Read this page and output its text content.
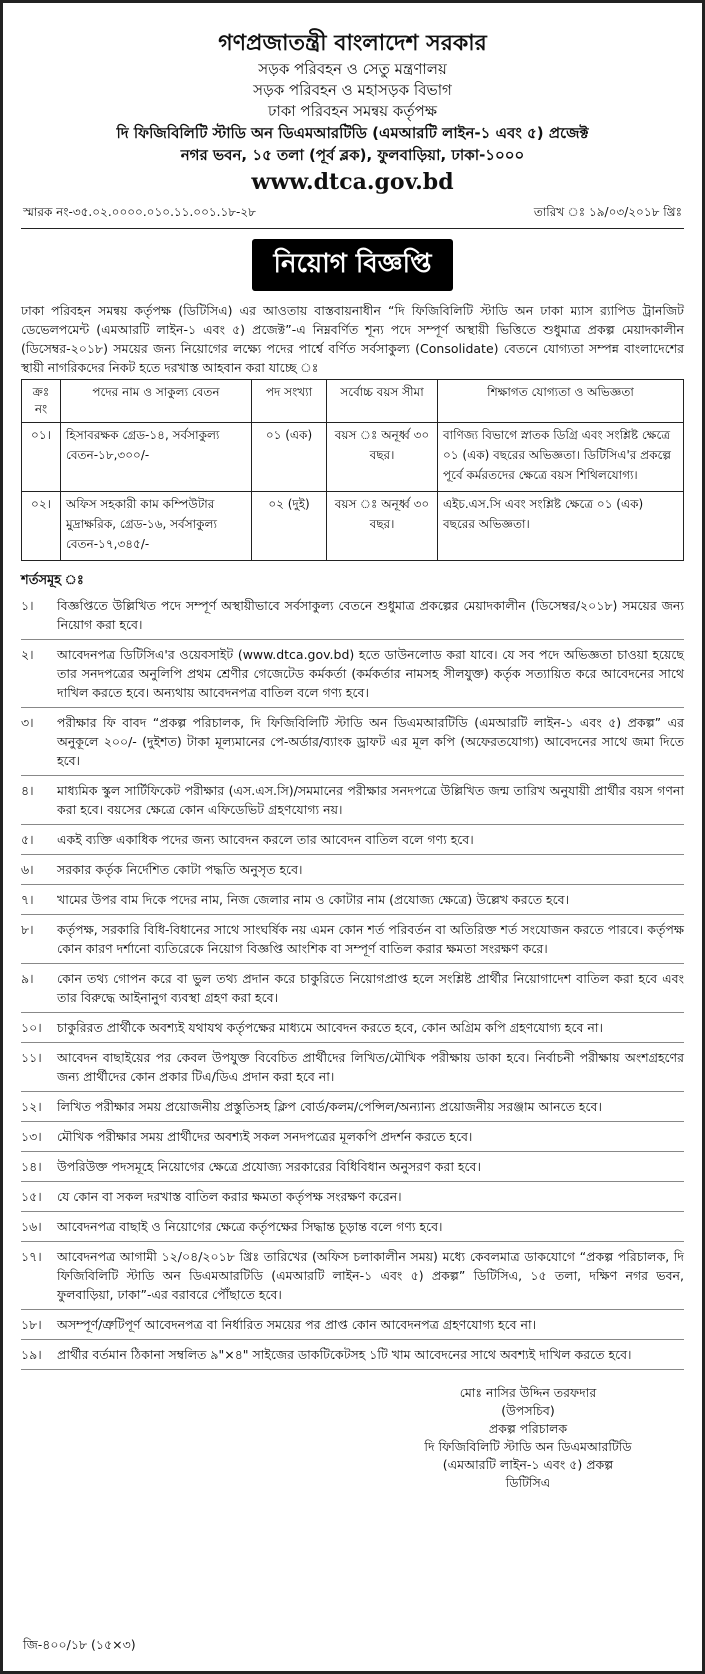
গণপ্রজাতন্ত্রী বাংলাদেশ সরকার
সড়ক পরিবহন ও সেতু মন্ত্রণালয়
সড়ক পরিবহন ও মহাসড়ক বিভাগ
ঢাকা পরিবহন সমন্বয় কর্তৃপক্ষ
দি ফিজিবিলিটি স্টাডি অন ডিএমআরটিডি (এমআরটি লাইন-১ এবং ৫) প্রজেক্ট
নগর ভবন, ১৫ তলা (পূর্ব ব্লক), ফুলবাড়িয়া, ঢাকা-১০০০
www.dtca.gov.bd
স্মারক নং-৩৫.০২.০০০০.০১০.১১.০০১.১৮-২৮	তারিখ ঃ ১৯/০৩/২০১৮ খ্রিঃ
নিয়োগ বিজ্ঞপ্তি
ঢাকা পরিবহন সমন্বয় কর্তৃপক্ষ (ডিটিসিএ) এর আওতায় বাস্তবায়নাধীন “দি ফিজিবিলিটি স্টাডি অন ঢাকা ম্যাস র‍্যাপিড ট্রানজিট ডেভেলপমেন্ট (এমআরটি লাইন-১ এবং ৫) প্রজেক্ট”-এ নিম্নবর্ণিত শূন্য পদে সম্পূর্ণ অস্থায়ী ভিত্তিতে শুধুমাত্র প্রকল্প মেয়াদকালীন (ডিসেম্বর-২০১৮) সময়ের জন্য নিয়োগের লক্ষ্যে পদের পার্শ্বে বর্ণিত সর্বসাকুল্য (Consolidate) বেতনে যোগ্যতা সম্পন্ন বাংলাদেশের স্থায়ী নাগরিকদের নিকট হতে দরখাস্ত আহবান করা যাচ্ছে ঃ
ক্রঃ নং	পদের নাম ও সাকুল্য বেতন	পদ সংখ্যা	সর্বোচ্চ বয়স সীমা	শিক্ষাগত যোগ্যতা ও অভিজ্ঞতা
০১।	হিসাবরক্ষক গ্রেড-১৪, সর্বসাকুল্য বেতন-১৮,৩০০/-	০১ (এক)	বয়স ঃ অনূর্ধ্ব ৩০ বছর।	বাণিজ্য বিভাগে স্নাতক ডিগ্রি এবং সংশ্লিষ্ট ক্ষেত্রে ০১ (এক) বছরের অভিজ্ঞতা। ডিটিসিএ'র প্রকল্পে পূর্বে কর্মরতদের ক্ষেত্রে বয়স শিথিলযোগ্য।
০২।	অফিস সহকারী কাম কম্পিউটার মুদ্রাক্ষরিক, গ্রেড-১৬, সর্বসাকুল্য বেতন-১৭,৩৪৫/-	০২ (দুই)	বয়স ঃ অনূর্ধ্ব ৩০ বছর।	এইচ.এস.সি এবং সংশ্লিষ্ট ক্ষেত্রে ০১ (এক) বছরের অভিজ্ঞতা।
শর্তসমূহ ঃ
১।	বিজ্ঞপ্তিতে উল্লিখিত পদে সম্পূর্ণ অস্থায়ীভাবে সর্বসাকুল্য বেতনে শুধুমাত্র প্রকল্পের মেয়াদকালীন (ডিসেম্বর/২০১৮) সময়ের জন্য নিয়োগ করা হবে।
২।	আবেদনপত্র ডিটিসিএ'র ওয়েবসাইট (www.dtca.gov.bd) হতে ডাউনলোড করা যাবে। যে সব পদে অভিজ্ঞতা চাওয়া হয়েছে তার সনদপত্রের অনুলিপি প্রথম শ্রেণীর গেজেটেড কর্মকর্তা (কর্মকর্তার নামসহ সীলযুক্ত) কর্তৃক সত্যায়িত করে আবেদনের সাথে দাখিল করতে হবে। অন্যথায় আবেদনপত্র বাতিল বলে গণ্য হবে।
৩।	পরীক্ষার ফি বাবদ “প্রকল্প পরিচালক, দি ফিজিবিলিটি স্টাডি অন ডিএমআরটিডি (এমআরটি লাইন-১ এবং ৫) প্রকল্প” এর অনুকূলে ২০০/- (দুইশত) টাকা মূল্যমানের পে-অর্ডার/ব্যাংক ড্রাফট এর মূল কপি (অফেরতযোগ্য) আবেদনের সাথে জমা দিতে হবে।
৪।	মাধ্যমিক স্কুল সার্টিফিকেট পরীক্ষার (এস.এস.সি)/সমমানের পরীক্ষার সনদপত্রে উল্লিখিত জন্ম তারিখ অনুযায়ী প্রার্থীর বয়স গণনা করা হবে। বয়সের ক্ষেত্রে কোন এফিডেভিট গ্রহণযোগ্য নয়।
৫।	একই ব্যক্তি একাধিক পদের জন্য আবেদন করলে তার আবেদন বাতিল বলে গণ্য হবে।
৬।	সরকার কর্তৃক নির্দেশিত কোটা পদ্ধতি অনুসৃত হবে।
৭।	খামের উপর বাম দিকে পদের নাম, নিজ জেলার নাম ও কোটার নাম (প্রযোজ্য ক্ষেত্রে) উল্লেখ করতে হবে।
৮।	কর্তৃপক্ষ, সরকারি বিধি-বিধানের সাথে সাংঘর্ষিক নয় এমন কোন শর্ত পরিবর্তন বা অতিরিক্ত শর্ত সংযোজন করতে পারবে। কর্তৃপক্ষ কোন কারণ দর্শানো ব্যতিরেকে নিয়োগ বিজ্ঞপ্তি আংশিক বা সম্পূর্ণ বাতিল করার ক্ষমতা সংরক্ষণ করে।
৯।	কোন তথ্য গোপন করে বা ভুল তথ্য প্রদান করে চাকুরিতে নিয়োগপ্রাপ্ত হলে সংশ্লিষ্ট প্রার্থীর নিয়োগাদেশ বাতিল করা হবে এবং তার বিরুদ্ধে আইনানুগ ব্যবস্থা গ্রহণ করা হবে।
১০।	চাকুরিরত প্রার্থীকে অবশ্যই যথাযথ কর্তৃপক্ষের মাধ্যমে আবেদন করতে হবে, কোন অগ্রিম কপি গ্রহণযোগ্য হবে না।
১১।	আবেদন বাছাইয়ের পর কেবল উপযুক্ত বিবেচিত প্রার্থীদের লিখিত/মৌখিক পরীক্ষায় ডাকা হবে। নির্বাচনী পরীক্ষায় অংশগ্রহণের জন্য প্রার্থীদের কোন প্রকার টিএ/ডিএ প্রদান করা হবে না।
১২।	লিখিত পরীক্ষার সময় প্রয়োজনীয় প্রস্তুতিসহ ক্লিপ বোর্ড/কলম/পেন্সিল/অন্যান্য প্রয়োজনীয় সরঞ্জাম আনতে হবে।
১৩।	মৌখিক পরীক্ষার সময় প্রার্থীদের অবশ্যই সকল সনদপত্রের মূলকপি প্রদর্শন করতে হবে।
১৪।	উপরিউক্ত পদসমূহে নিয়োগের ক্ষেত্রে প্রযোজ্য সরকারের বিধিবিধান অনুসরণ করা হবে।
১৫।	যে কোন বা সকল দরখাস্ত বাতিল করার ক্ষমতা কর্তৃপক্ষ সংরক্ষণ করেন।
১৬।	আবেদনপত্র বাছাই ও নিয়োগের ক্ষেত্রে কর্তৃপক্ষের সিদ্ধান্ত চূড়ান্ত বলে গণ্য হবে।
১৭।	আবেদনপত্র আগামী ১২/০৪/২০১৮ খ্রিঃ তারিখের (অফিস চলাকালীন সময়) মধ্যে কেবলমাত্র ডাকযোগে “প্রকল্প পরিচালক, দি ফিজিবিলিটি স্টাডি অন ডিএমআরটিডি (এমআরটি লাইন-১ এবং ৫) প্রকল্প” ডিটিসিএ, ১৫ তলা, দক্ষিণ নগর ভবন, ফুলবাড়িয়া, ঢাকা”-এর বরাবরে পৌঁছাতে হবে।
১৮।	অসম্পূর্ণ/ত্রুটিপূর্ণ আবেদনপত্র বা নির্ধারিত সময়ের পর প্রাপ্ত কোন আবেদনপত্র গ্রহণযোগ্য হবে না।
১৯।	প্রার্থীর বর্তমান ঠিকানা সম্বলিত ৯"×৪" সাইজের ডাকটিকেটসহ ১টি খাম আবেদনের সাথে অবশ্যই দাখিল করতে হবে।
মোঃ নাসির উদ্দিন তরফদার
(উপসচিব)
প্রকল্প পরিচালক
দি ফিজিবিলিটি স্টাডি অন ডিএমআরটিডি
(এমআরটি লাইন-১ এবং ৫) প্রকল্প
ডিটিসিএ
জি-৪০০/১৮ (১৫×৩)
